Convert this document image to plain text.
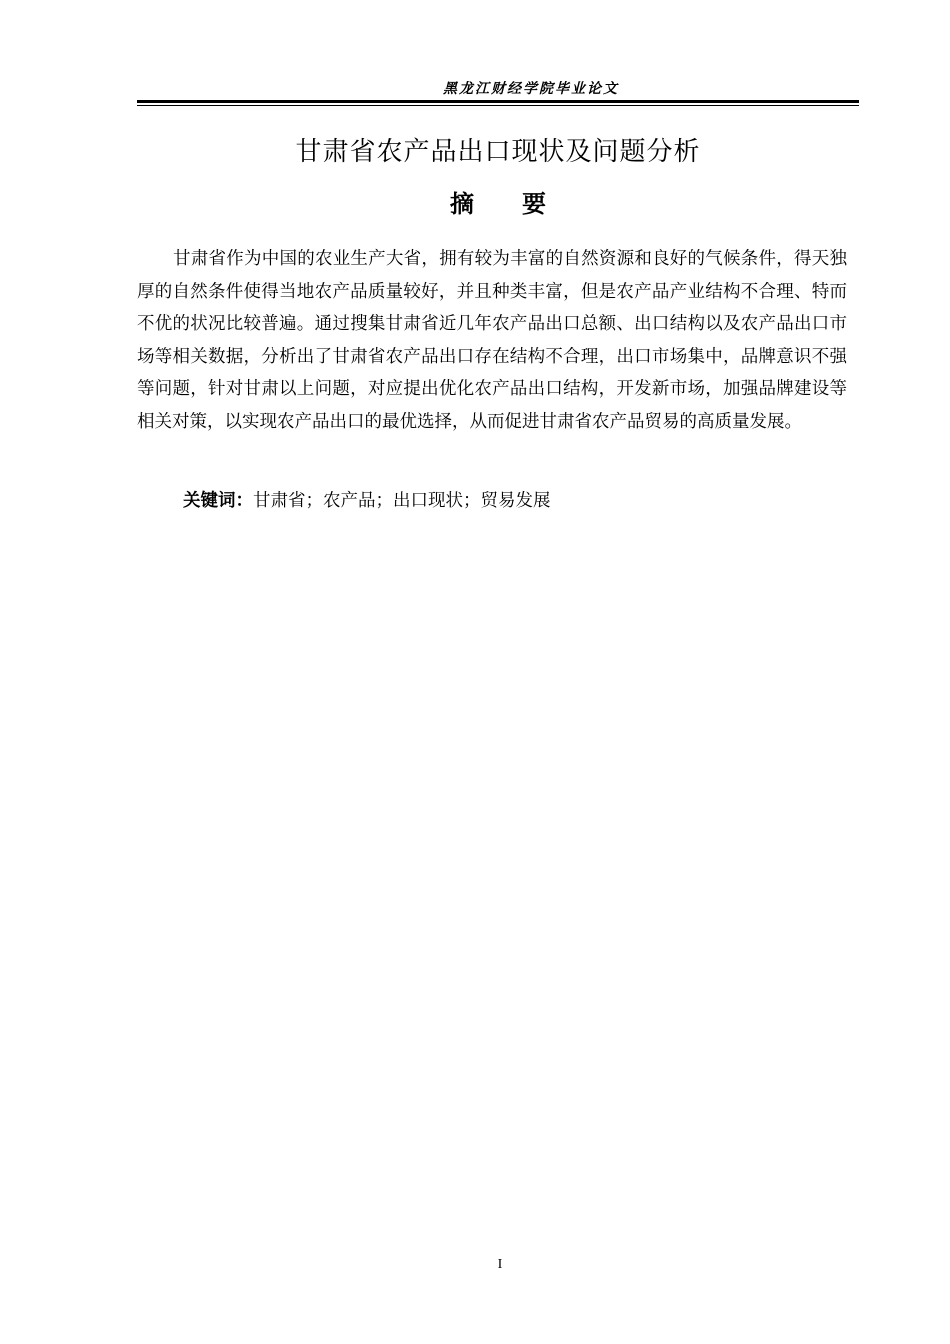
黑龙江财经学院毕业论文
甘肃省农产品出口现状及问题分析
摘要

甘肃省作为中国的农业生产大省，拥有较为丰富的自然资源和良好的气候条件，得天独厚的自然条件使得当地农产品质量较好，并且种类丰富，但是农产品产业结构不合理、特而不优的状况比较普遍。通过搜集甘肃省近几年农产品出口总额、出口结构以及农产品出口市场等相关数据，分析出了甘肃省农产品出口存在结构不合理，出口市场集中，品牌意识不强等问题，针对甘肃以上问题，对应提出优化农产品出口结构，开发新市场，加强品牌建设等相关对策，以实现农产品出口的最优选择，从而促进甘肃省农产品贸易的高质量发展。

关键词：甘肃省；农产品；出口现状；贸易发展
I
